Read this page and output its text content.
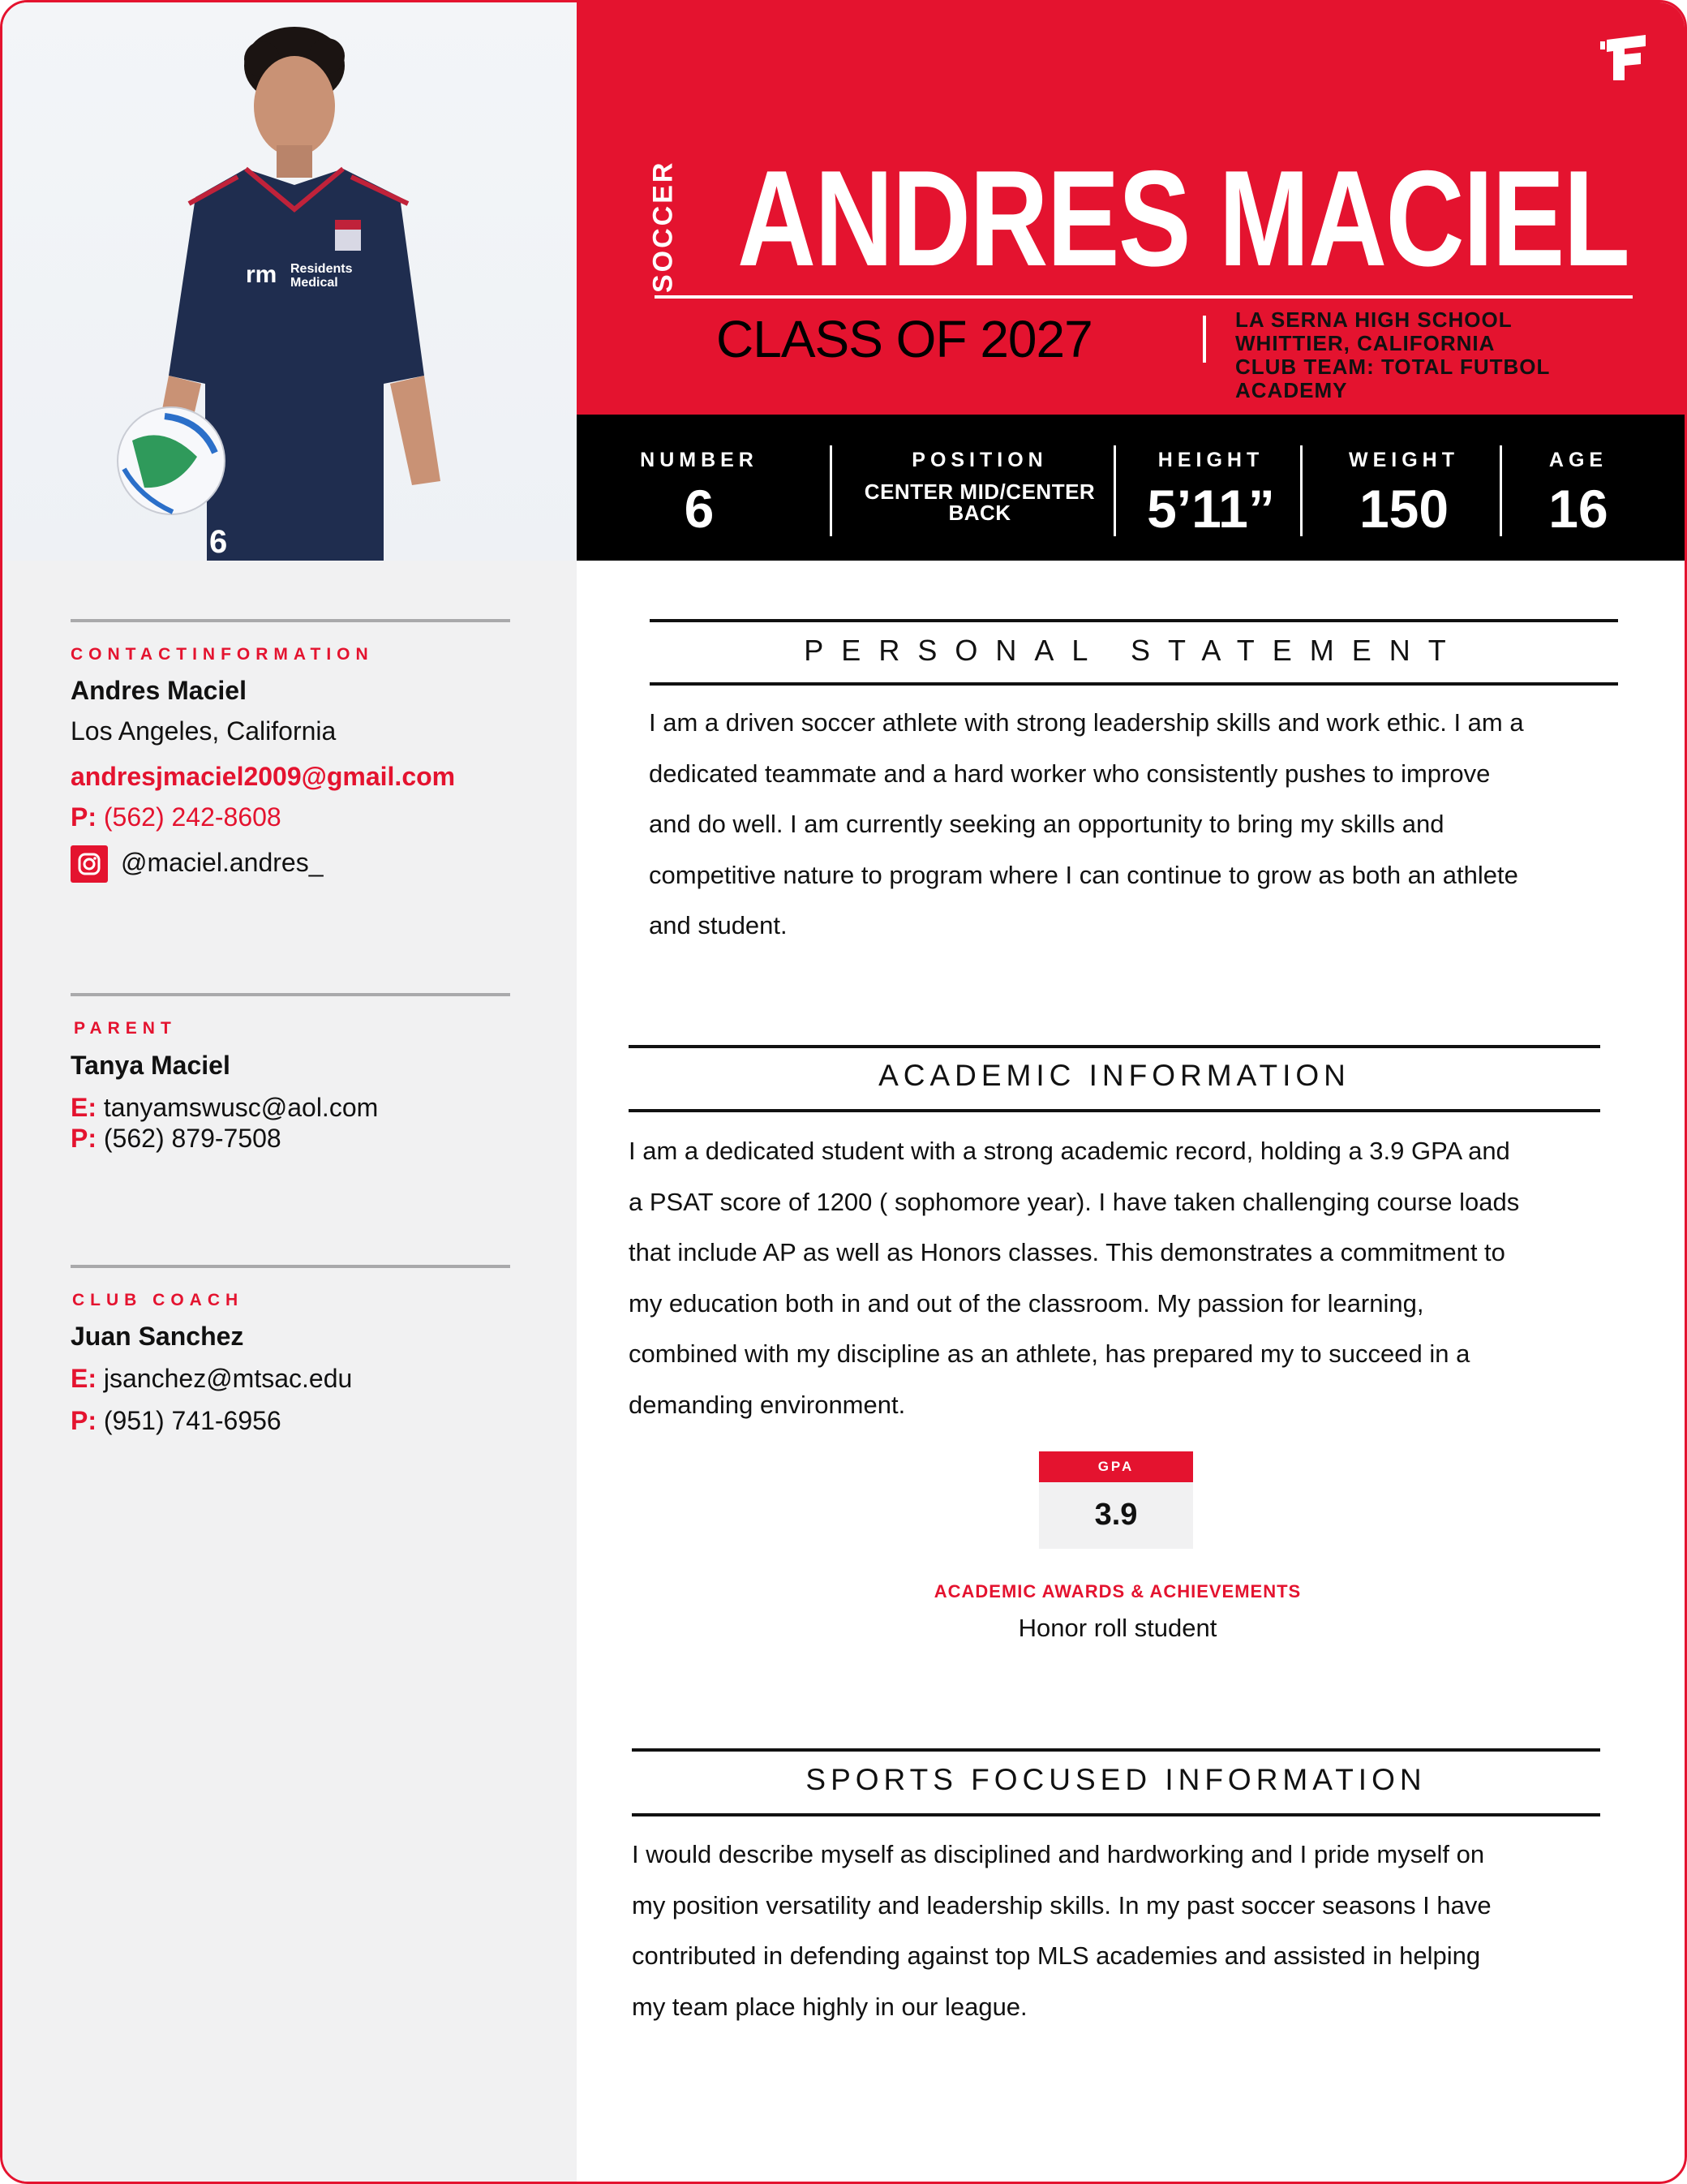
rm Residents
Medical
6
SOCCER ANDRES MACIEL
CLASS OF 2027	LA SERNA HIGH SCHOOL
WHITTIER, CALIFORNIA
CLUB TEAM: TOTAL FUTBOL
ACADEMY
NUMBER
6
POSITION
CENTER MID/CENTER BACK
HEIGHT
5’11”
WEIGHT
150
AGE
16
CONTACTINFORMATION
Andres Maciel
Los Angeles, California
andresjmaciel2009@gmail.com
P: (562) 242-8608
@maciel.andres_
PARENT
Tanya Maciel
E: tanyamswusc@aol.com
P: (562) 879-7508
CLUB COACH
Juan Sanchez
E: jsanchez@mtsac.edu
P: (951) 741-6956
PERSONAL STATEMENT
I am a driven soccer athlete with strong leadership skills and work ethic. I am a
dedicated teammate and a hard worker who consistently pushes to improve
and do well. I am currently seeking an opportunity to bring my skills and
competitive nature to program where I can continue to grow as both an athlete
and student.
ACADEMIC INFORMATION
I am a dedicated student with a strong academic record, holding a 3.9 GPA and
a PSAT score of 1200 ( sophomore year). I have taken challenging course loads
that include AP as well as Honors classes. This demonstrates a commitment to
my education both in and out of the classroom. My passion for learning,
combined with my discipline as an athlete, has prepared my to succeed in a
demanding environment.
GPA
3.9
ACADEMIC AWARDS & ACHIEVEMENTS
Honor roll student
SPORTS FOCUSED INFORMATION
I would describe myself as disciplined and hardworking and I pride myself on
my position versatility and leadership skills. In my past soccer seasons I have
contributed in defending against top MLS academies and assisted in helping
my team place highly in our league.
